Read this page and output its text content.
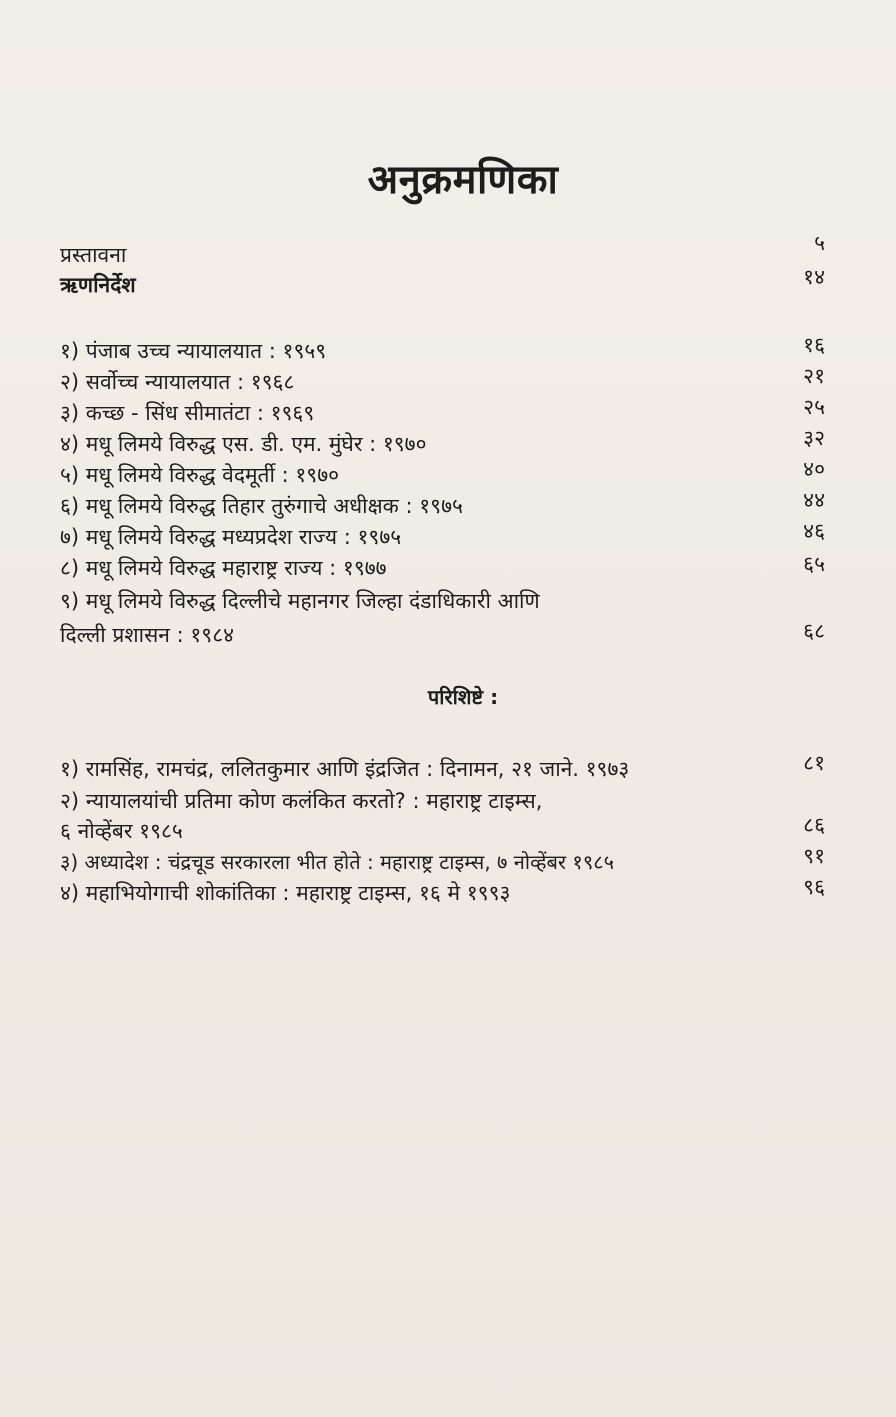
अनुक्रमणिका
प्रस्तावना	५
ऋणनिर्देश	१४
१) पंजाब उच्च न्यायालयात : १९५९	१६
२) सर्वोच्च न्यायालयात : १९६८	२१
३) कच्छ - सिंध सीमातंटा : १९६९	२५
४) मधू लिमये विरुद्ध एस. डी. एम. मुंघेर : १९७०	३२
५) मधू लिमये विरुद्ध वेदमूर्ती : १९७०	४०
६) मधू लिमये विरुद्ध तिहार तुरुंगाचे अधीक्षक : १९७५	४४
७) मधू लिमये विरुद्ध मध्यप्रदेश राज्य : १९७५	४६
८) मधू लिमये विरुद्ध महाराष्ट्र राज्य : १९७७	६५
९) मधू लिमये विरुद्ध दिल्लीचे महानगर जिल्हा दंडाधिकारी आणि
दिल्ली प्रशासन : १९८४	६८
परिशिष्टे :
१) रामसिंह, रामचंद्र, ललितकुमार आणि इंद्रजित : दिनामन, २१ जाने. १९७३	८१
२) न्यायालयांची प्रतिमा कोण कलंकित करतो? : महाराष्ट्र टाइम्स,
६ नोव्हेंबर १९८५	८६
३) अध्यादेश : चंद्रचूड सरकारला भीत होते : महाराष्ट्र टाइम्स, ७ नोव्हेंबर १९८५	९१
४) महाभियोगाची शोकांतिका : महाराष्ट्र टाइम्स, १६ मे १९९३	९६
